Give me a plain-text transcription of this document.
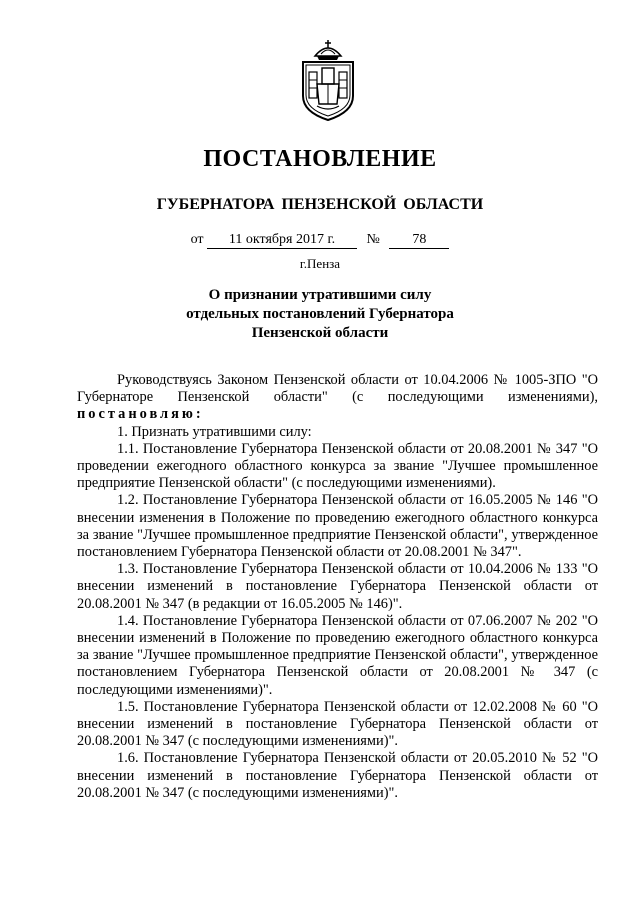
ПОСТАНОВЛЕНИЕ
ГУБЕРНАТОРА ПЕНЗЕНСКОЙ ОБЛАСТИ
от 11 октября 2017 г. № 78
г.Пенза
О признании утратившими силу
отдельных постановлений Губернатора
Пензенской области

Руководствуясь Законом Пензенской области от 10.04.2006 № 1005-ЗПО "О Губернаторе Пензенской области" (с последующими изменениями), постановляю:

1. Признать утратившими силу:

1.1. Постановление Губернатора Пензенской области от 20.08.2001 № 347 "О проведении ежегодного областного конкурса за звание "Лучшее промышленное предприятие Пензенской области" (с последующими изменениями).

1.2. Постановление Губернатора Пензенской области от 16.05.2005 № 146 "О внесении изменения в Положение по проведению ежегодного областного конкурса за звание "Лучшее промышленное предприятие Пензенской области", утвержденное постановлением Губернатора Пензенской области от 20.08.2001 № 347".

1.3. Постановление Губернатора Пензенской области от 10.04.2006 № 133 "О внесении изменений в постановление Губернатора Пензенской области от 20.08.2001 № 347 (в редакции от 16.05.2005 № 146)".

1.4. Постановление Губернатора Пензенской области от 07.06.2007 № 202 "О внесении изменений в Положение по проведению ежегодного областного конкурса за звание "Лучшее промышленное предприятие Пензенской области", утвержденное постановлением Губернатора Пензенской области от 20.08.2001 № 347 (с последующими изменениями)".

1.5. Постановление Губернатора Пензенской области от 12.02.2008 № 60 "О внесении изменений в постановление Губернатора Пензенской области от 20.08.2001 № 347 (с последующими изменениями)".

1.6. Постановление Губернатора Пензенской области от 20.05.2010 № 52 "О внесении изменений в постановление Губернатора Пензенской области от 20.08.2001 № 347 (с последующими изменениями)".
